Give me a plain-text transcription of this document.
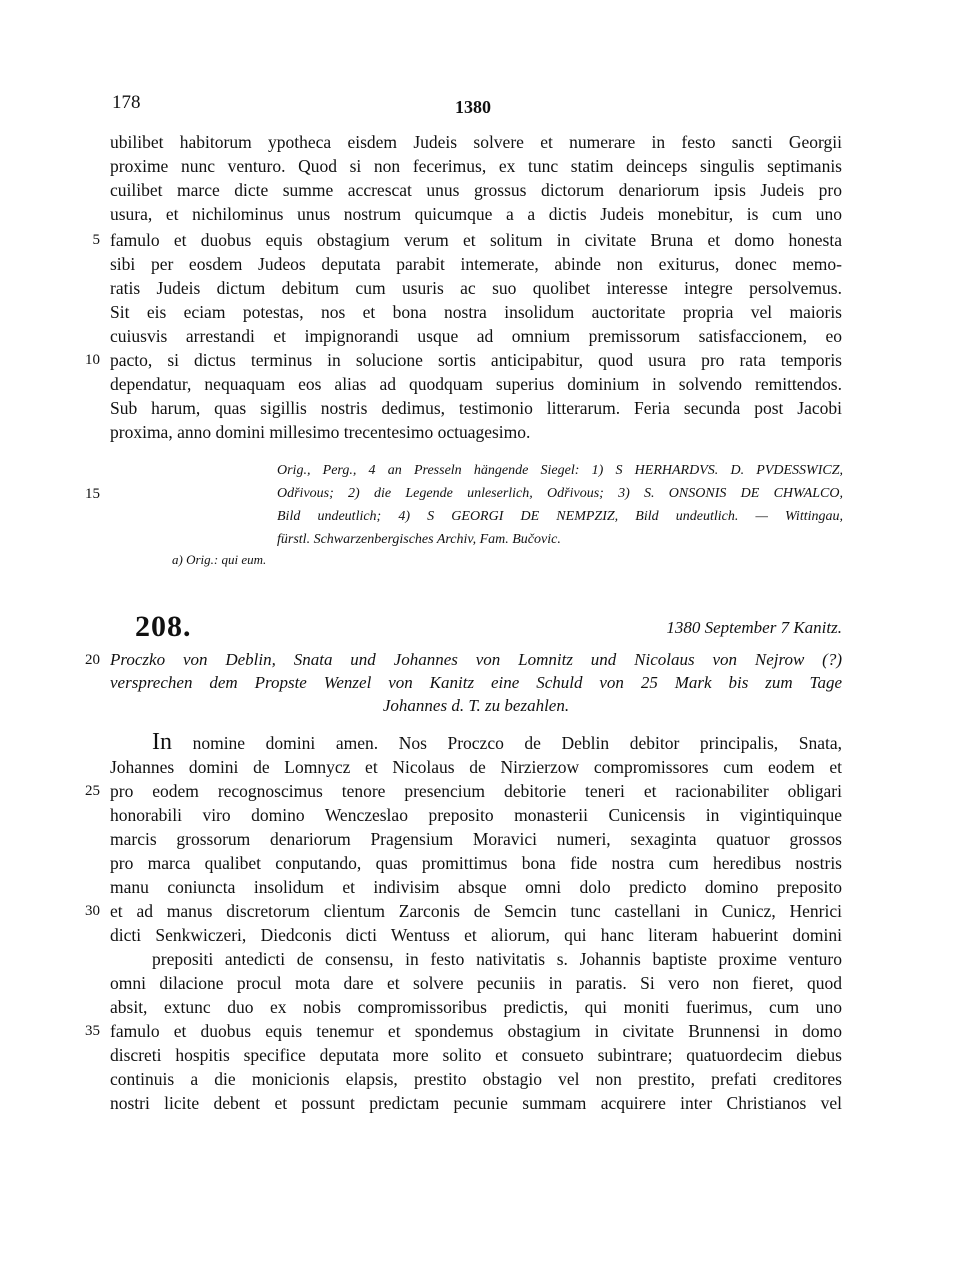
178	1380
ubilibet habitorum ypotheca eisdem Judeis solvere et numerare in festo sancti Georgii
proxime nunc venturo. Quod si non fecerimus, ex tunc statim deinceps singulis septimanis
cuilibet marce dicte summe accrescat unus grossus dictorum denariorum ipsis Judeis pro
usura, et nichilominus unus nostrum quicumque a a dictis Judeis monebitur, is cum uno
5 famulo et duobus equis obstagium verum et solitum in civitate Bruna et domo honesta
sibi per eosdem Judeos deputata parabit intemerate, abinde non exiturus, donec memo-
ratis Judeis dictum debitum cum usuris ac suo quolibet interesse integre persolvemus.
Sit eis eciam potestas, nos et bona nostra insolidum auctoritate propria vel maioris
cuiusvis arrestandi et impignorandi usque ad omnium premissorum satisfaccionem, eo
10 pacto, si dictus terminus in solucione sortis anticipabitur, quod usura pro rata temporis
dependatur, nequaquam eos alias ad quodquam superius dominium in solvendo remittendos.
Sub harum, quas sigillis nostris dedimus, testimonio litterarum. Feria secunda post Jacobi
proxima, anno domini millesimo trecentesimo octuagesimo.
Orig., Perg., 4 an Presseln hängende Siegel: 1) S HERHARDVS. D. PVDESSWICZ,
15	Odřivous; 2) die Legende unleserlich, Odřivous; 3) S. ONSONIS DE CHWALCO,
Bild undeutlich; 4) S GEORGI DE NEMPZIZ, Bild undeutlich. — Wittingau,
fürstl. Schwarzenbergisches Archiv, Fam. Bučovic.
a) Orig.: qui eum.
208.	1380 September 7 Kanitz.
20 Proczko von Deblin, Snata und Johannes von Lomnitz und Nicolaus von Nejrow (?)
versprechen dem Propste Wenzel von Kanitz eine Schuld von 25 Mark bis zum Tage
Johannes d. T. zu bezahlen.
In nomine domini amen. Nos Proczco de Deblin debitor principalis, Snata,
Johannes domini de Lomnycz et Nicolaus de Nirzierzow compromissores cum eodem et
25 pro eodem recognoscimus tenore presencium debitorie teneri et racionabiliter obligari
honorabili viro domino Wenczeslao preposito monasterii Cunicensis in vigintiquinque
marcis grossorum denariorum Pragensium Moravici numeri, sexaginta quatuor grossos
pro marca qualibet conputando, quas promittimus bona fide nostra cum heredibus nostris
manu coniuncta insolidum et indivisim absque omni dolo predicto domino preposito
30 et ad manus discretorum clientum Zarconis de Semcin tunc castellani in Cunicz, Henrici
dicti Senkwiczeri, Diedconis dicti Wentuss et aliorum, qui hanc literam habuerint domini
prepositi antedicti de consensu, in festo nativitatis s. Johannis baptiste proxime venturo
omni dilacione procul mota dare et solvere pecuniis in paratis. Si vero non fieret, quod
absit, extunc duo ex nobis compromissoribus predictis, qui moniti fuerimus, cum uno
35 famulo et duobus equis tenemur et spondemus obstagium in civitate Brunnensi in domo
discreti hospitis specifice deputata more solito et consueto subintrare; quatuordecim diebus
continuis a die monicionis elapsis, prestito obstagio vel non prestito, prefati creditores
nostri licite debent et possunt predictam pecunie summam acquirere inter Christianos vel
